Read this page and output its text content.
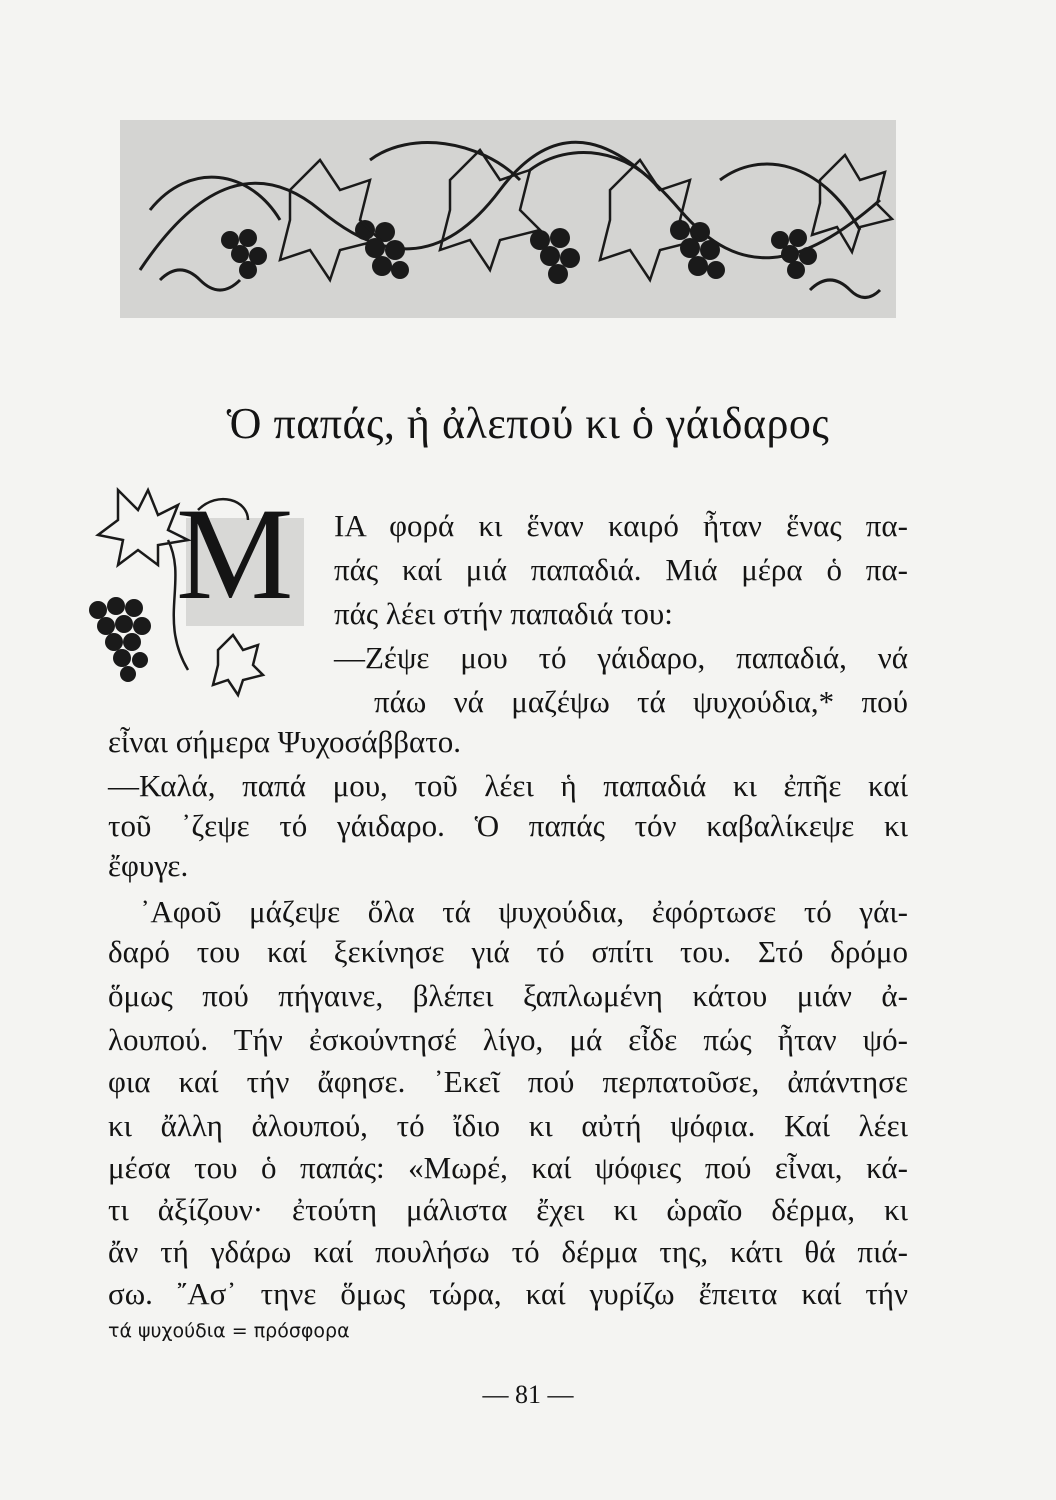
Ὁ παπάς, ἡ ἀλεπού κι ὁ γάιδαρος
Μ ΙΑ φορά κι ἕναν καιρό ἦταν ἕνας πα-
πάς καί μιά παπαδιά. Μιά μέρα ὁ πα-
πάς λέει στήν παπαδιά του:
—Ζέψε μου τό γάιδαρο, παπαδιά, νά
πάω νά μαζέψω τά ψυχούδια,* πού
εἶναι σήμερα Ψυχοσάββατο.
—Καλά, παπά μου, τοῦ λέει ἡ παπαδιά κι ἐπῆε καί
τοῦ ᾿ζεψε τό γάιδαρο. Ὁ παπάς τόν καβαλίκεψε κι
ἔφυγε.
᾿Αφοῦ μάζεψε ὅλα τά ψυχούδια, ἐφόρτωσε τό γάι-
δαρό του καί ξεκίνησε γιά τό σπίτι του. Στό δρόμο
ὅμως πού πήγαινε, βλέπει ξαπλωμένη κάτου μιάν ἀ-
λουπού. Τήν ἐσκούντησέ λίγο, μά εἶδε πώς ἦταν ψό-
φια καί τήν ἄφησε. ᾿Εκεῖ πού περπατοῦσε, ἀπάντησε
κι ἄλλη ἀλουπού, τό ἴδιο κι αὐτή ψόφια. Καί λέει
μέσα του ὁ παπάς: «Μωρέ, καί ψόφιες πού εἶναι, κά-
τι ἀξίζουν· ἐτούτη μάλιστα ἔχει κι ὡραῖο δέρμα, κι
ἄν τή γδάρω καί πουλήσω τό δέρμα της, κάτι θά πιά-
σω. ῎Ασ᾿ τηνε ὅμως τώρα, καί γυρίζω ἔπειτα καί τήν
τά ψυχούδια = πρόσφορα
— 81 —
